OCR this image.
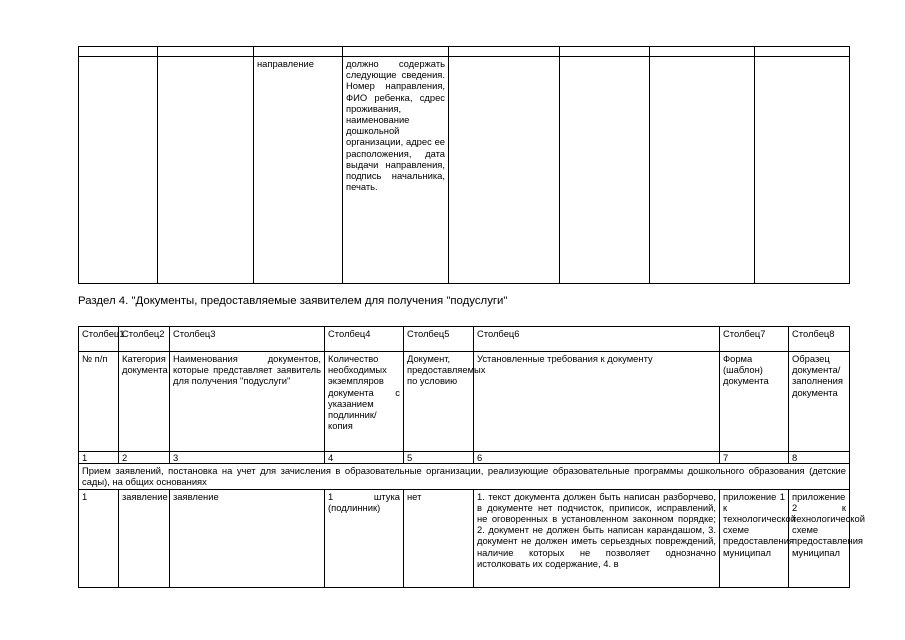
		направление	должно содержать следующие сведения. Номер направления, ФИО ребенка, сдрес проживания, наименование дошкольной организации, адрес ее расположения, дата выдачи направления, подпись начальника, печать.				
Раздел 4. "Документы, предоставляемые заявителем для получения "подуслуги"
Столбец1	Столбец2	Столбец3	Столбец4	Столбец5	Столбец6	Столбец7	Столбец8
№ п/п	Категория документа	Наименования документов, которые представляет заявитель для получения "подуслуги"	Количество необходимых экземпляров документа с указанием подлинник/копия	Документ, предоставляемых по условию	Установленные требования к документу	Форма (шаблон) документа	Образец документа/заполнения документа
1	2	3	4	5	6	7	8
Прием заявлений, постановка на учет для зачисления в образовательные организации, реализующие образовательные программы дошкольного образования (детские сады), на общих основаниях							
1	заявление	заявление	1 штука (подлинник)	нет	1. текст документа должен быть написан разборчево, в документе нет подчисток, приписок, исправлений, не оговоренных в установленном законном порядке; 2. документ не должен быть написан карандашом, 3. документ не должен иметь серьездных повреждений, наличие которых не позволяет однозначно истолковать их содержание, 4. в	приложение 1 к технологической схеме предоставления муниципал	приложение 2 к технологической схеме предоставления муниципал
